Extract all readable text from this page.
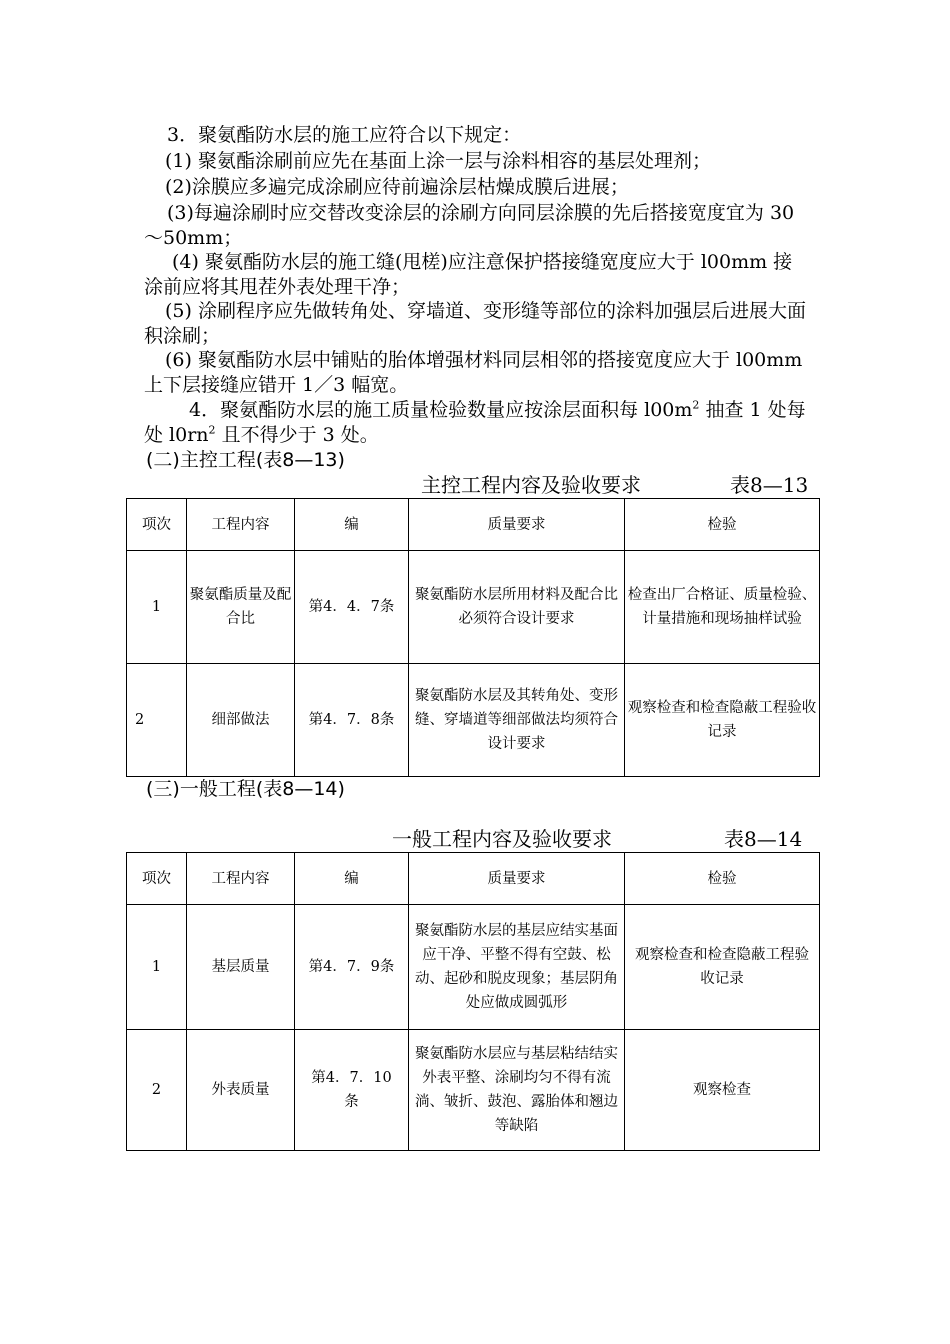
3．聚氨酯防水层的施工应符合以下规定：
(1) 聚氨酯涂刷前应先在基面上涂一层与涂料相容的基层处理剂；
(2)涂膜应多遍完成涂刷应待前遍涂层枯燥成膜后进展；
(3)每遍涂刷时应交替改变涂层的涂刷方向同层涂膜的先后搭接宽度宜为 30～50mm；
(4) 聚氨酯防水层的施工缝(甩槎)应注意保护搭接缝宽度应大于 l00mm 接涂前应将其甩茬外表处理干净；
(5) 涂刷程序应先做转角处、穿墙道、变形缝等部位的涂料加强层后进展大面积涂刷；
(6) 聚氨酯防水层中铺贴的胎体增强材料同层相邻的搭接宽度应大于 l00mm 上下层接缝应错开 1／3 幅宽。
4．聚氨酯防水层的施工质量检验数量应按涂层面积每 $l00m^2$ 抽查 1 处每处 $l0rn^2$ 且不得少于 3 处。
(二)主控工程(表8—13)
主控工程内容及验收要求	表8—13
项次	工程内容	编	质量要求	检验
1	聚氨酯质量及配合比	第4．4．7条	聚氨酯防水层所用材料及配合比必须符合设计要求	检查出厂合格证、质量检验、计量措施和现场抽样试验
2	细部做法	第4．7．8条	聚氨酯防水层及其转角处、变形缝、穿墙道等细部做法均须符合设计要求	观察检查和检查隐蔽工程验收记录
(三)一般工程(表8—14)
一般工程内容及验收要求	表8—14
项次	工程内容	编	质量要求	检验
1	基层质量	第4．7．9条	聚氨酯防水层的基层应结实基面应干净、平整不得有空鼓、松动、起砂和脱皮现象；基层阴角处应做成圆弧形	观察检查和检查隐蔽工程验收记录
2	外表质量	第4．7．10条	聚氨酯防水层应与基层粘结结实外表平整、涂刷均匀不得有流淌、皱折、鼓泡、露胎体和翘边等缺陷	观察检查
